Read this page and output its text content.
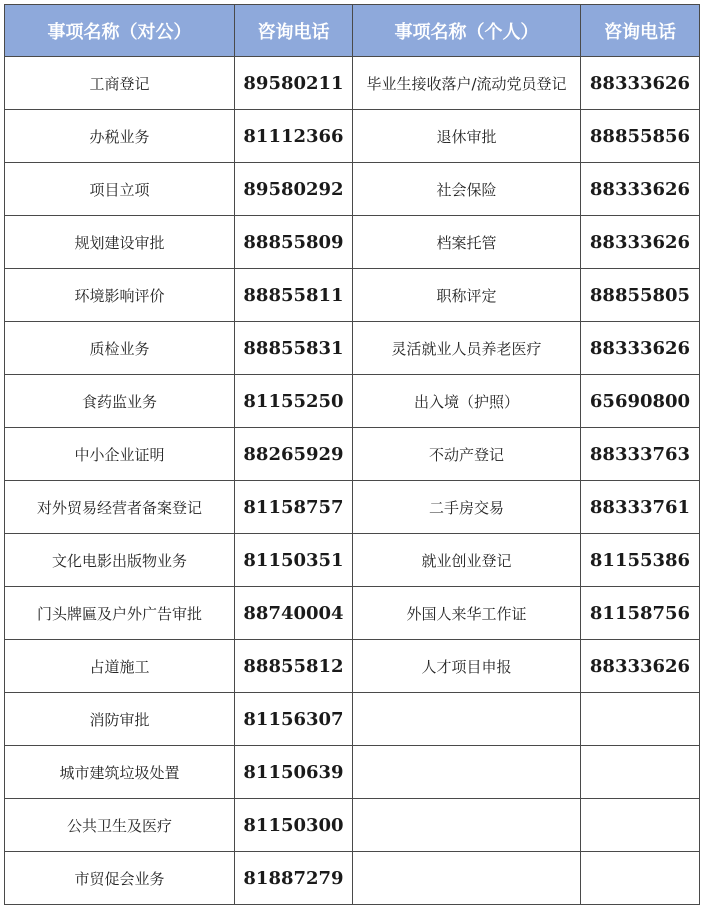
事项名称（对公）	咨询电话	事项名称（个人）	咨询电话
工商登记	89580211	毕业生接收落户/流动党员登记	88333626
办税业务	81112366	退休审批	88855856
项目立项	89580292	社会保险	88333626
规划建设审批	88855809	档案托管	88333626
环境影响评价	88855811	职称评定	88855805
质检业务	88855831	灵活就业人员养老医疗	88333626
食药监业务	81155250	出入境（护照）	65690800
中小企业证明	88265929	不动产登记	88333763
对外贸易经营者备案登记	81158757	二手房交易	88333761
文化电影出版物业务	81150351	就业创业登记	81155386
门头牌匾及户外广告审批	88740004	外国人来华工作证	81158756
占道施工	88855812	人才项目申报	88333626
消防审批	81156307		
城市建筑垃圾处置	81150639		
公共卫生及医疗	81150300		
市贸促会业务	81887279		
